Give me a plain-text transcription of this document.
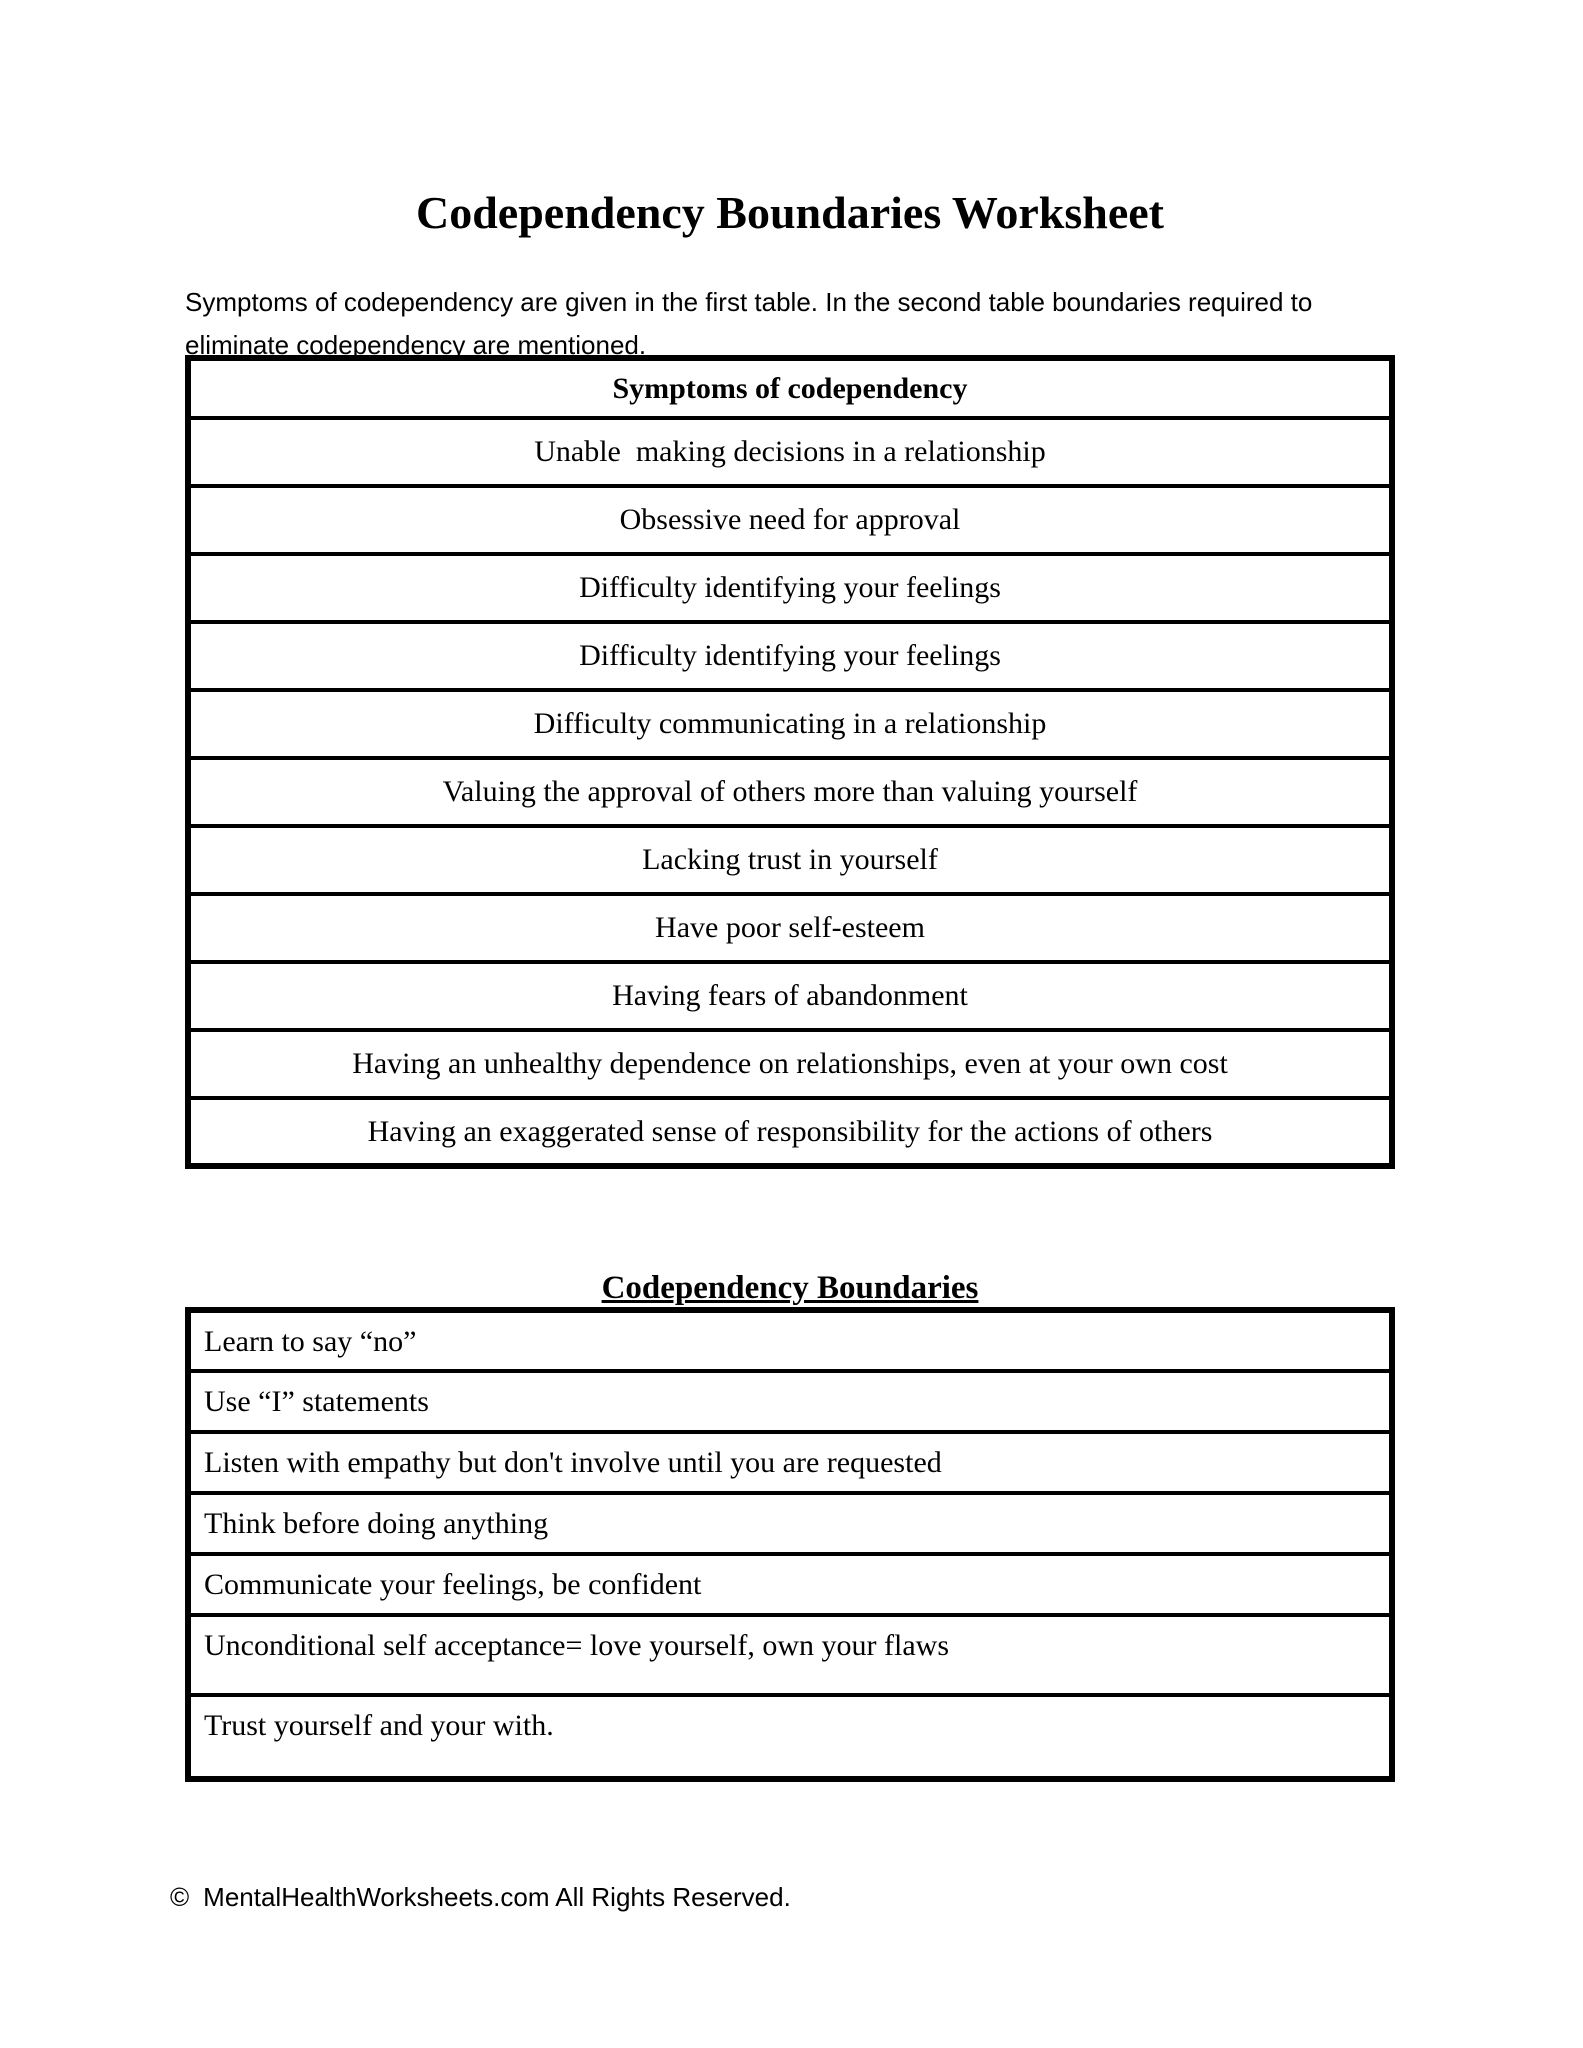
Codependency Boundaries Worksheet

Symptoms of codependency are given in the first table. In the second table boundaries required to eliminate codependency are mentioned.

Symptoms of codependency
Unable  making decisions in a relationship
Obsessive need for approval
Difficulty identifying your feelings
Difficulty identifying your feelings
Difficulty communicating in a relationship
Valuing the approval of others more than valuing yourself
Lacking trust in yourself
Have poor self-esteem
Having fears of abandonment
Having an unhealthy dependence on relationships, even at your own cost
Having an exaggerated sense of responsibility for the actions of others
Codependency Boundaries
Learn to say “no”
Use “I” statements
Listen with empathy but don't involve until you are requested
Think before doing anything
Communicate your feelings, be confident
Unconditional self acceptance= love yourself, own your flaws
Trust yourself and your with.

© MentalHealthWorksheets.com All Rights Reserved.
